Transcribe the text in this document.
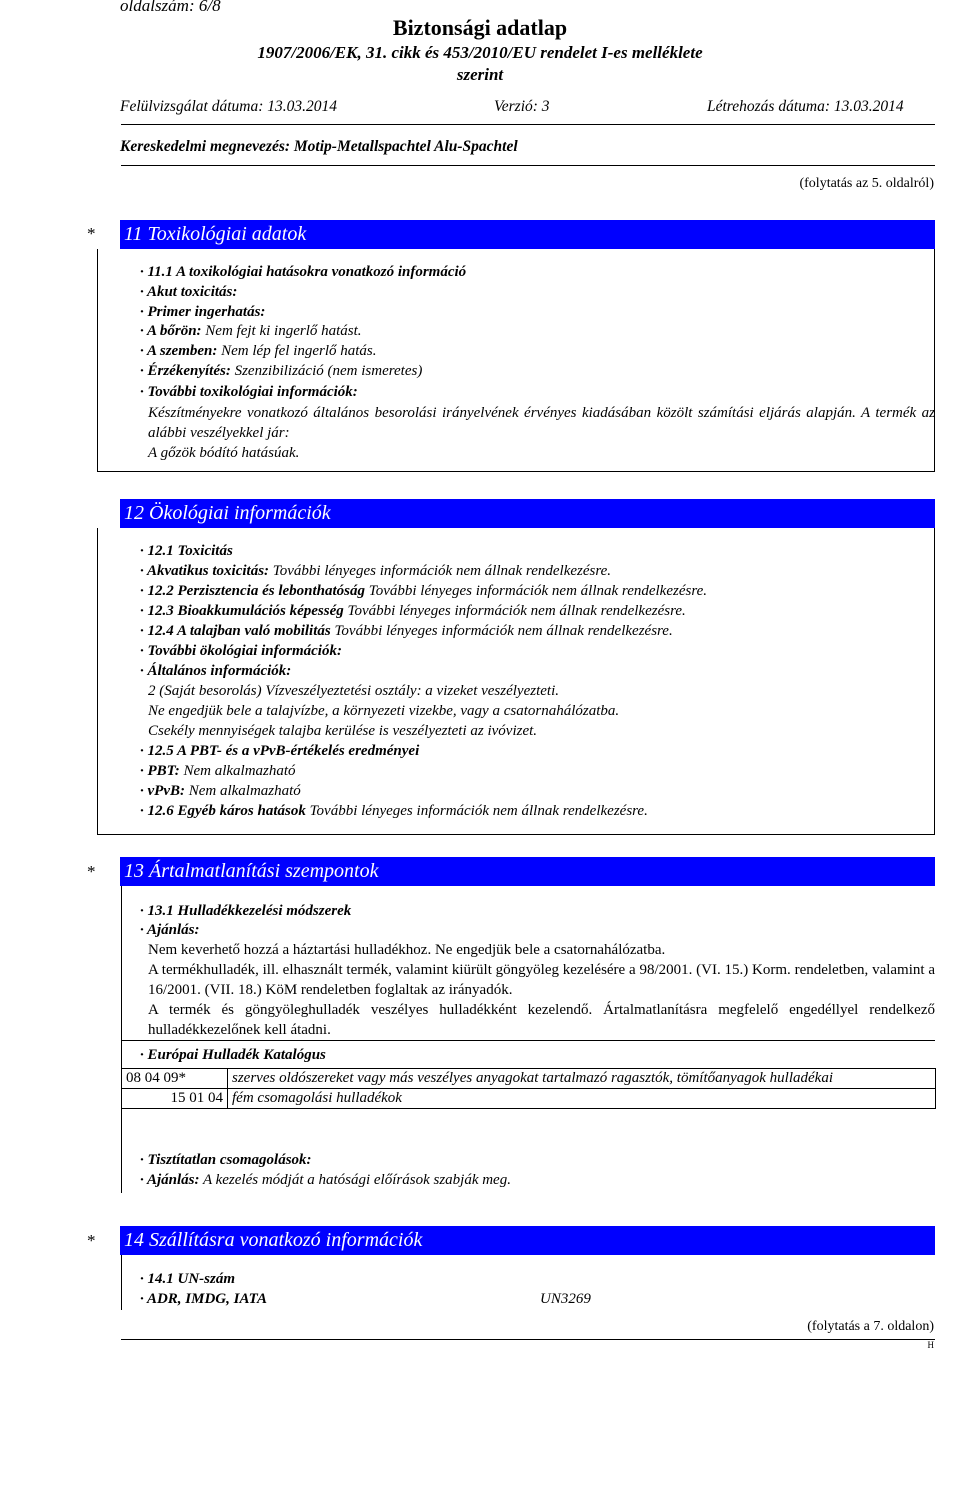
oldalszám: 6/8
Biztonsági adatlap
1907/2006/EK, 31. cikk és 453/2010/EU rendelet I-es melléklete
szerint
Felülvizsgálat dátuma: 13.03.2014	Verzió: 3	Létrehozás dátuma: 13.03.2014
Kereskedelmi megnevezés: Motip-Metallspachtel Alu-Spachtel
(folytatás az 5. oldalról)
* 11 Toxikológiai adatok
· 11.1 A toxikológiai hatásokra vonatkozó információ
· Akut toxicitás:
· Primer ingerhatás:
· A bőrön: Nem fejt ki ingerlő hatást.
· A szemben: Nem lép fel ingerlő hatás.
· Érzékenyítés: Szenzibilizáció (nem ismeretes)
· További toxikológiai információk:
Készítményekre vonatkozó általános besorolási irányelvének érvényes kiadásában közölt számítási eljárás alapján. A termék az alábbi veszélyekkel jár:
A gőzök bódító hatásúak.
12 Ökológiai információk
· 12.1 Toxicitás
· Akvatikus toxicitás: További lényeges információk nem állnak rendelkezésre.
· 12.2 Perzisztencia és lebonthatóság További lényeges információk nem állnak rendelkezésre.
· 12.3 Bioakkumulációs képesség További lényeges információk nem állnak rendelkezésre.
· 12.4 A talajban való mobilitás További lényeges információk nem állnak rendelkezésre.
· További ökológiai információk:
· Általános információk:
2 (Saját besorolás) Vízveszélyeztetési osztály: a vizeket veszélyezteti.
Ne engedjük bele a talajvízbe, a környezeti vizekbe, vagy a csatornahálózatba.
Csekély mennyiségek talajba kerülése is veszélyezteti az ivóvizet.
· 12.5 A PBT- és a vPvB-értékelés eredményei
· PBT: Nem alkalmazható
· vPvB: Nem alkalmazható
· 12.6 Egyéb káros hatások További lényeges információk nem állnak rendelkezésre.
* 13 Ártalmatlanítási szempontok
· 13.1 Hulladékkezelési módszerek
· Ajánlás:
Nem keverhető hozzá a háztartási hulladékhoz. Ne engedjük bele a csatornahálózatba.
A termékhulladék, ill. elhasznált termék, valamint kiürült göngyöleg kezelésére a 98/2001. (VI. 15.) Korm. rendeletben, valamint a 16/2001. (VII. 18.) KöM rendeletben foglaltak az irányadók.
A termék és göngyöleghulladék veszélyes hulladékként kezelendő. Ártalmatlanításra megfelelő engedéllyel rendelkező hulladékkezelőnek kell átadni.
· Európai Hulladék Katalógus
08 04 09*	szerves oldószereket vagy más veszélyes anyagokat tartalmazó ragasztók, tömítőanyagok hulladékai
15 01 04	fém csomagolási hulladékok
· Tisztítatlan csomagolások:
· Ajánlás: A kezelés módját a hatósági előírások szabják meg.
* 14 Szállításra vonatkozó információk
· 14.1 UN-szám
· ADR, IMDG, IATA	UN3269
(folytatás a 7. oldalon)
H
